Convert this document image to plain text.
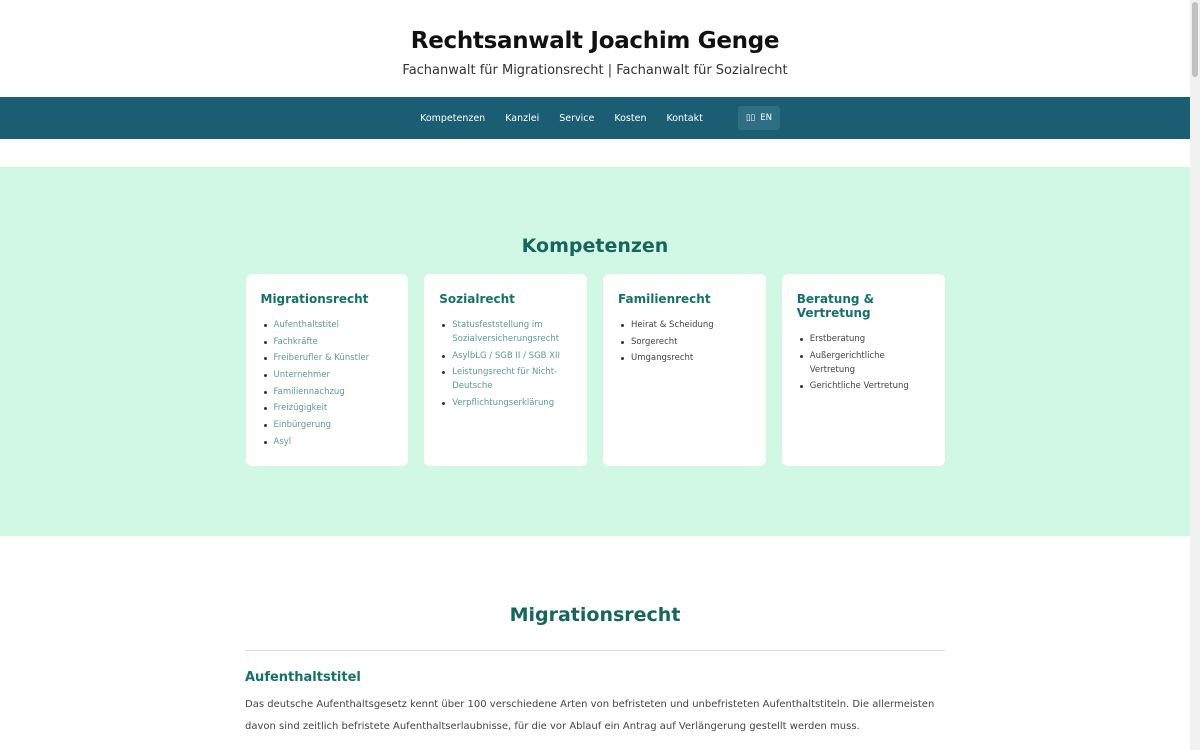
Rechtsanwalt Joachim Genge

Fachanwalt für Migrationsrecht | Fachanwalt für Sozialrecht

Kompetenzen Kanzlei Service Kosten Kontakt	▯▯ EN
Kompetenzen
Migrationsrecht
Aufenthaltstitel
Fachkräfte
Freiberufler & Künstler
Unternehmer
Familiennachzug
Freizügigkeit
Einbürgerung
Asyl
Sozialrecht
Statusfeststellung im Sozialversicherungsrecht
AsylbLG / SGB II / SGB XII
Leistungsrecht für Nicht-Deutsche
Verpflichtungserklärung
Familienrecht
Heirat & Scheidung
Sorgerecht
Umgangsrecht
Beratung & Vertretung
Erstberatung
Außergerichtliche Vertretung
Gerichtliche Vertretung
Migrationsrecht
Aufenthaltstitel

Das deutsche Aufenthaltsgesetz kennt über 100 verschiedene Arten von befristeten und unbefristeten Aufenthaltstiteln. Die allermeisten davon sind zeitlich befristete Aufenthaltserlaubnisse, für die vor Ablauf ein Antrag auf Verlängerung gestellt werden muss.
